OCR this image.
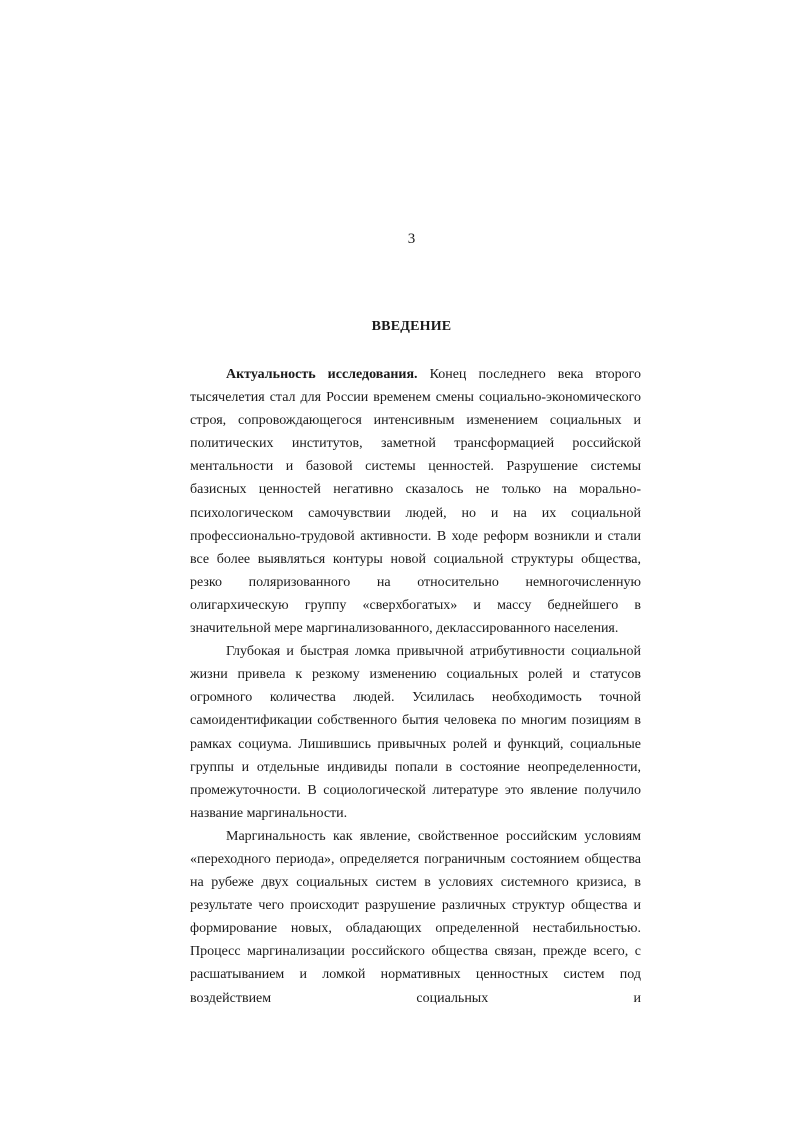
3
ВВЕДЕНИЕ

Актуальность исследования. Конец последнего века второго тысячелетия стал для России временем смены социально-экономического строя, сопровождающегося интенсивным изменением социальных и политических институтов, заметной трансформацией российской ментальности и базовой системы ценностей. Разрушение системы базисных ценностей негативно сказалось не только на морально-психологическом самочувствии людей, но и на их социальной профессионально-трудовой активности. В ходе реформ возникли и стали все более выявляться контуры новой социальной структуры общества, резко поляризованного на относительно немногочисленную олигархическую группу «сверхбогатых» и массу беднейшего в значительной мере маргинализованного, деклассированного населения.

Глубокая и быстрая ломка привычной атрибутивности социальной жизни привела к резкому изменению социальных ролей и статусов огромного количества людей. Усилилась необходимость точной самоидентификации собственного бытия человека по многим позициям в рамках социума. Лишившись привычных ролей и функций, социальные группы и отдельные индивиды попали в состояние неопределенности, промежуточности. В социологической литературе это явление получило название маргинальности.

Маргинальность как явление, свойственное российским условиям «переходного периода», определяется пограничным состоянием общества на рубеже двух социальных систем в условиях системного кризиса, в результате чего происходит разрушение различных структур общества и формирование новых, обладающих определенной нестабильностью. Процесс маргинализации российского общества связан, прежде всего, с расшатыванием и ломкой нормативных ценностных систем под воздействием социальных и
